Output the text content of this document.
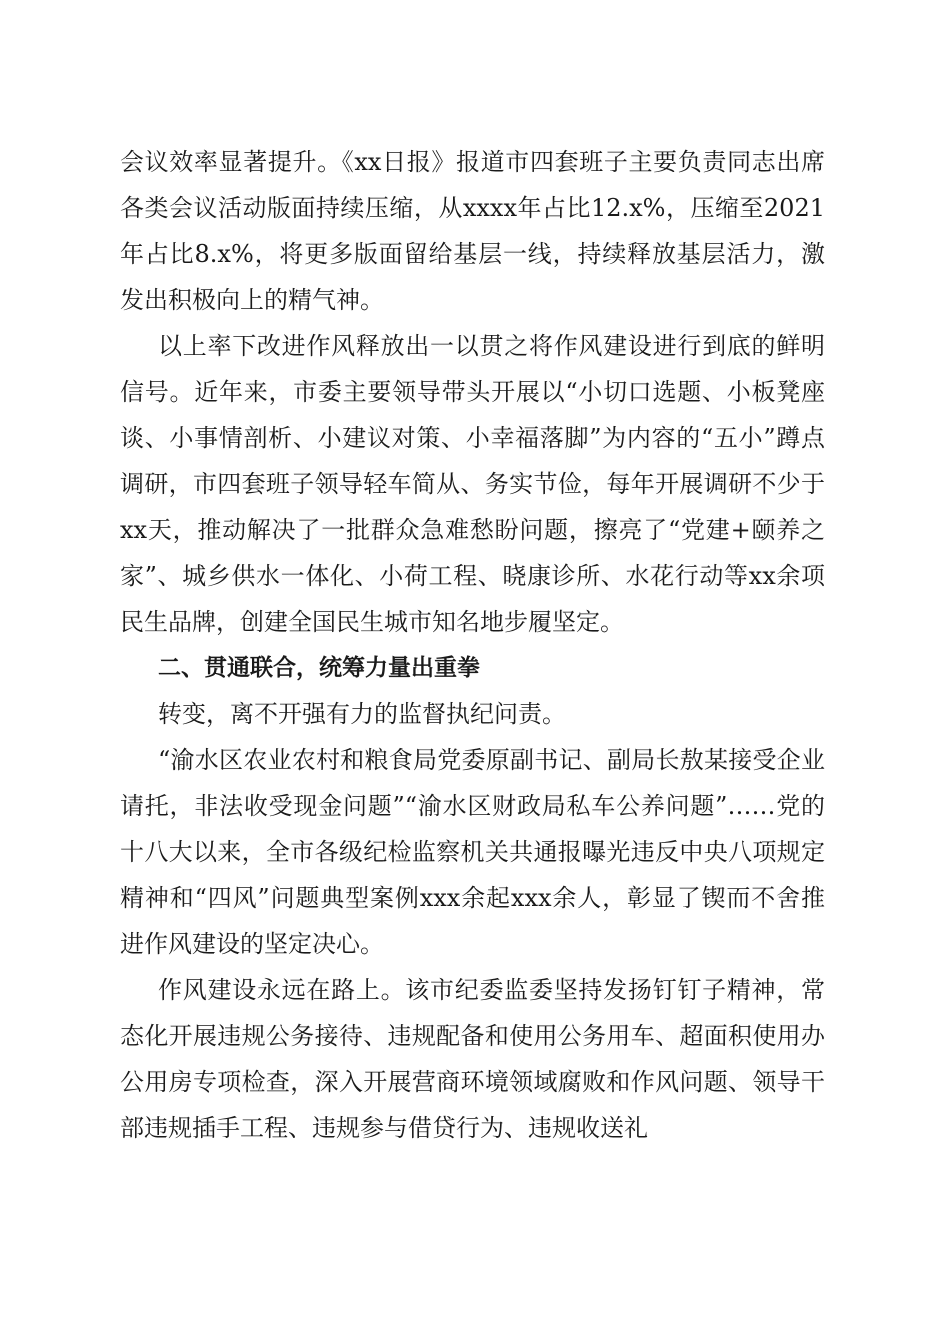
会议效率显著提升。《xx日报》报道市四套班子主要负责同志出席各类会议活动版面持续压缩，从xxxx年占比12.x%，压缩至2021年占比8.x%，将更多版面留给基层一线，持续释放基层活力，激发出积极向上的精气神。

以上率下改进作风释放出一以贯之将作风建设进行到底的鲜明信号。近年来，市委主要领导带头开展以“小切口选题、小板凳座谈、小事情剖析、小建议对策、小幸福落脚”为内容的“五小”蹲点调研，市四套班子领导轻车简从、务实节俭，每年开展调研不少于xx天，推动解决了一批群众急难愁盼问题，擦亮了“党建+颐养之家”、城乡供水一体化、小荷工程、晓康诊所、水花行动等xx余项民生品牌，创建全国民生城市知名地步履坚定。

二、贯通联合，统筹力量出重拳

转变，离不开强有力的监督执纪问责。

“渝水区农业农村和粮食局党委原副书记、副局长敖某接受企业请托，非法收受现金问题”“渝水区财政局私车公养问题”……党的十八大以来，全市各级纪检监察机关共通报曝光违反中央八项规定精神和“四风”问题典型案例xxx余起xxx余人，彰显了锲而不舍推进作风建设的坚定决心。

作风建设永远在路上。该市纪委监委坚持发扬钉钉子精神，常态化开展违规公务接待、违规配备和使用公务用车、超面积使用办公用房专项检查，深入开展营商环境领域腐败和作风问题、领导干部违规插手工程、违规参与借贷行为、违规收送礼
